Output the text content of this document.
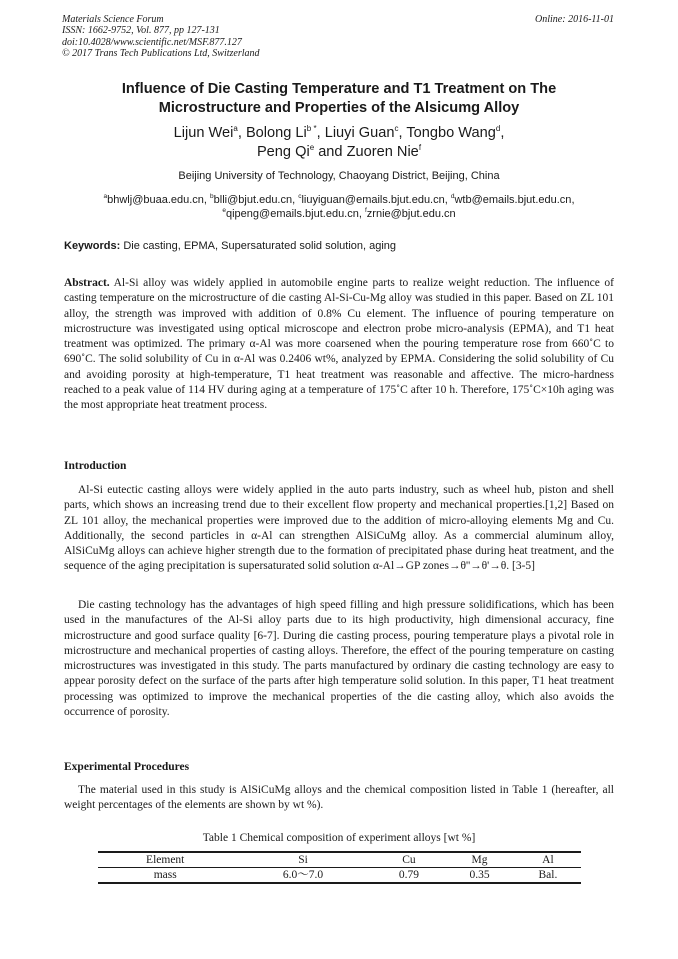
Materials Science Forum
ISSN: 1662-9752, Vol. 877, pp 127-131
doi:10.4028/www.scientific.net/MSF.877.127
© 2017 Trans Tech Publications Ltd, Switzerland
Online: 2016-11-01
Influence of Die Casting Temperature and T1 Treatment on The
Microstructure and Properties of the Alsicumg Alloy
Lijun Wei$^a$, Bolong $Li^{b *}$, Liuyi Guan$^c$, Tongbo Wang$^d$,
Peng Qi$^e$ and Zuoren Nie$^f$
Beijing University of Technology, Chaoyang District, Beijing, China
$^a$bhwlj@buaa.edu.cn, $^b$blli@bjut.edu.cn, $^c$liuyiguan@emails.bjut.edu.cn, $^d$wtb@emails.bjut.edu.cn,
$^e$qipeng@emails.bjut.edu.cn, $^f$zrnie@bjut.edu.cn
Keywords: Die casting, EPMA, Supersaturated solid solution, aging
Abstract. Al-Si alloy was widely applied in automobile engine parts to realize weight reduction. The influence of casting temperature on the microstructure of die casting Al-Si-Cu-Mg alloy was studied in this paper. Based on ZL 101 alloy, the strength was improved with addition of 0.8% Cu element. The influence of pouring temperature on microstructure was investigated using optical microscope and electron probe micro-analysis (EPMA), and T1 heat treatment was optimized. The primary α-Al was more coarsened when the pouring temperature rose from 660˚C to 690˚C. The solid solubility of Cu in α-Al was 0.2406 wt%, analyzed by EPMA. Considering the solid solubility of Cu and avoiding porosity at high-temperature, T1 heat treatment was reasonable and affective. The micro-hardness reached to a peak value of 114 HV during aging at a temperature of 175˚C after 10 h. Therefore, 175˚C×10h aging was the most appropriate heat treatment process.
Introduction
Al-Si eutectic casting alloys were widely applied in the auto parts industry, such as wheel hub, piston and shell parts, which shows an increasing trend due to their excellent flow property and mechanical properties.[1,2] Based on ZL 101 alloy, the mechanical properties were improved due to the addition of micro-alloying elements Mg and Cu. Additionally, the second particles in α-Al can strengthen AlSiCuMg alloy. As a commercial aluminum alloy, AlSiCuMg alloys can achieve higher strength due to the formation of precipitated phase during heat treatment, and the sequence of the aging precipitation is supersaturated solid solution α-Al→GP zones→θ''→θ'→θ. [3-5]
Die casting technology has the advantages of high speed filling and high pressure solidifications, which has been used in the manufactures of the Al-Si alloy parts due to its high productivity, high dimensional accuracy, fine microstructure and good surface quality [6-7]. During die casting process, pouring temperature plays a pivotal role in microstructure and mechanical properties of casting alloys. Therefore, the effect of the pouring temperature on casting microstructures was investigated in this study. The parts manufactured by ordinary die casting technology are easy to appear porosity defect on the surface of the parts after high temperature solid solution. In this paper, T1 heat treatment processing was optimized to improve the mechanical properties of the die casting alloy, which also avoids the occurrence of porosity.
Experimental Procedures
The material used in this study is AlSiCuMg alloys and the chemical composition listed in Table 1 (hereafter, all weight percentages of the elements are shown by wt %).
Table 1 Chemical composition of experiment alloys [wt %]
Element	Si	Cu	Mg	Al
mass	6.0～7.0	0.79	0.35	Bal.
